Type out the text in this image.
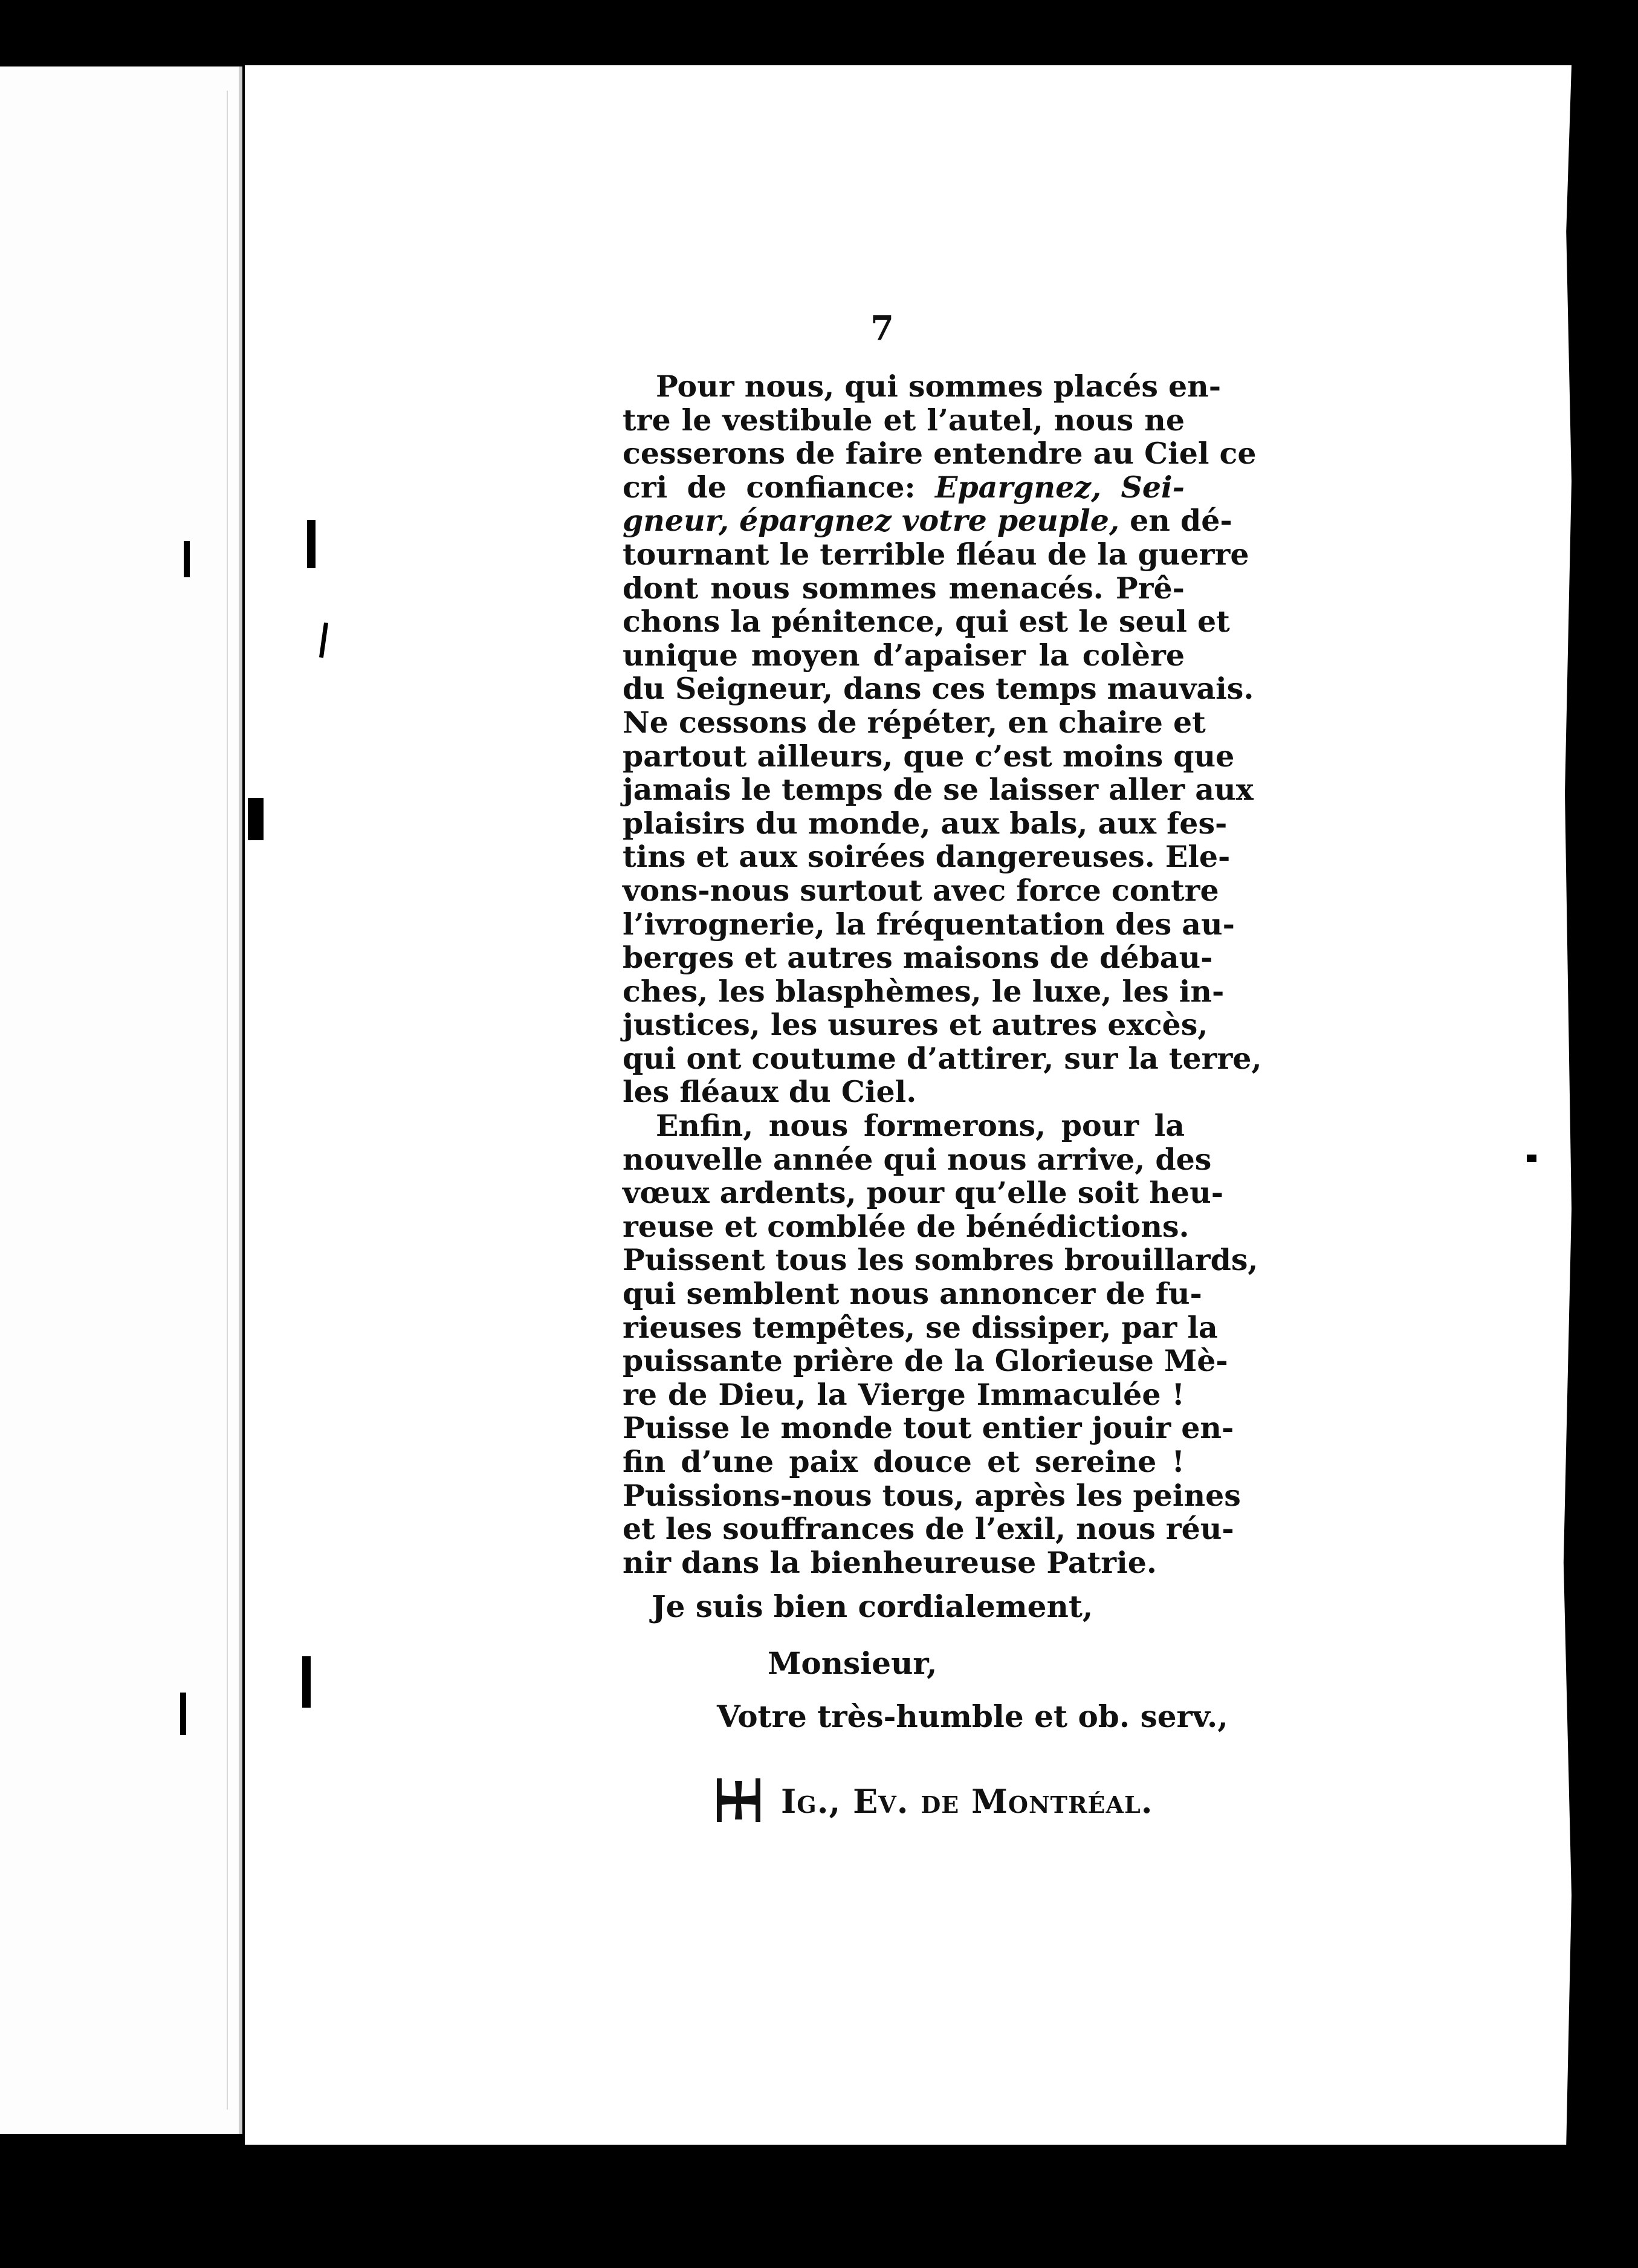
7
Pour nous, qui sommes placés en-
tre le vestibule et l’autel, nous ne
cesserons de faire entendre au Ciel ce
cri de confiance: Epargnez, Sei-
gneur, épargnez votre peuple, en dé-
tournant le terrible fléau de la guerre
dont nous sommes menacés. Prê-
chons la pénitence, qui est le seul et
unique moyen d’apaiser la colère
du Seigneur, dans ces temps mauvais.
Ne cessons de répéter, en chaire et
partout ailleurs, que c’est moins que
jamais le temps de se laisser aller aux
plaisirs du monde, aux bals, aux fes-
tins et aux soirées dangereuses. Ele-
vons-nous surtout avec force contre
l’ivrognerie, la fréquentation des au-
berges et autres maisons de débau-
ches, les blasphèmes, le luxe, les in-
justices, les usures et autres excès,
qui ont coutume d’attirer, sur la terre,
les fléaux du Ciel.
Enfin, nous formerons, pour la
nouvelle année qui nous arrive, des
vœux ardents, pour qu’elle soit heu-
reuse et comblée de bénédictions.
Puissent tous les sombres brouillards,
qui semblent nous annoncer de fu-
rieuses tempêtes, se dissiper, par la
puissante prière de la Glorieuse Mè-
re de Dieu, la Vierge Immaculée !
Puisse le monde tout entier jouir en-
fin d’une paix douce et sereine !
Puissions-nous tous, après les peines
et les souffrances de l’exil, nous réu-
nir dans la bienheureuse Patrie.
Je suis bien cordialement,
Monsieur,
Votre très-humble et ob. serv.,
Ig., Ev. de Montréal.
